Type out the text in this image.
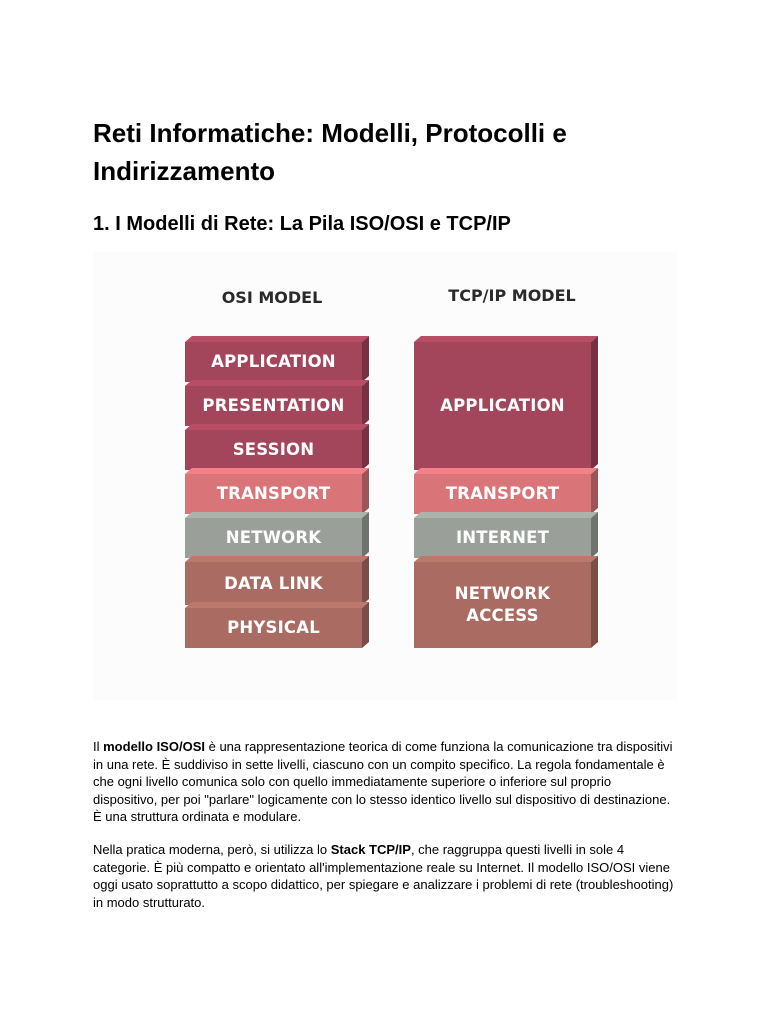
Reti Informatiche: Modelli, Protocolli e
Indirizzamento
1. I Modelli di Rete: La Pila ISO/OSI e TCP/IP
OSI MODEL	TCP/IP MODEL
APPLICATION
PRESENTATION
SESSION
TRANSPORT
NETWORK
DATA LINK
PHYSICAL
APPLICATION
TRANSPORT
INTERNET
NETWORK
ACCESS

Il modello ISO/OSI è una rappresentazione teorica di come funziona la comunicazione tra dispositivi in una rete. È suddiviso in sette livelli, ciascuno con un compito specifico. La regola fondamentale è che ogni livello comunica solo con quello immediatamente superiore o inferiore sul proprio dispositivo, per poi "parlare" logicamente con lo stesso identico livello sul dispositivo di destinazione. È una struttura ordinata e modulare.

Nella pratica moderna, però, si utilizza lo Stack TCP/IP, che raggruppa questi livelli in sole 4 categorie. È più compatto e orientato all'implementazione reale su Internet. Il modello ISO/OSI viene oggi usato soprattutto a scopo didattico, per spiegare e analizzare i problemi di rete (troubleshooting) in modo strutturato.
